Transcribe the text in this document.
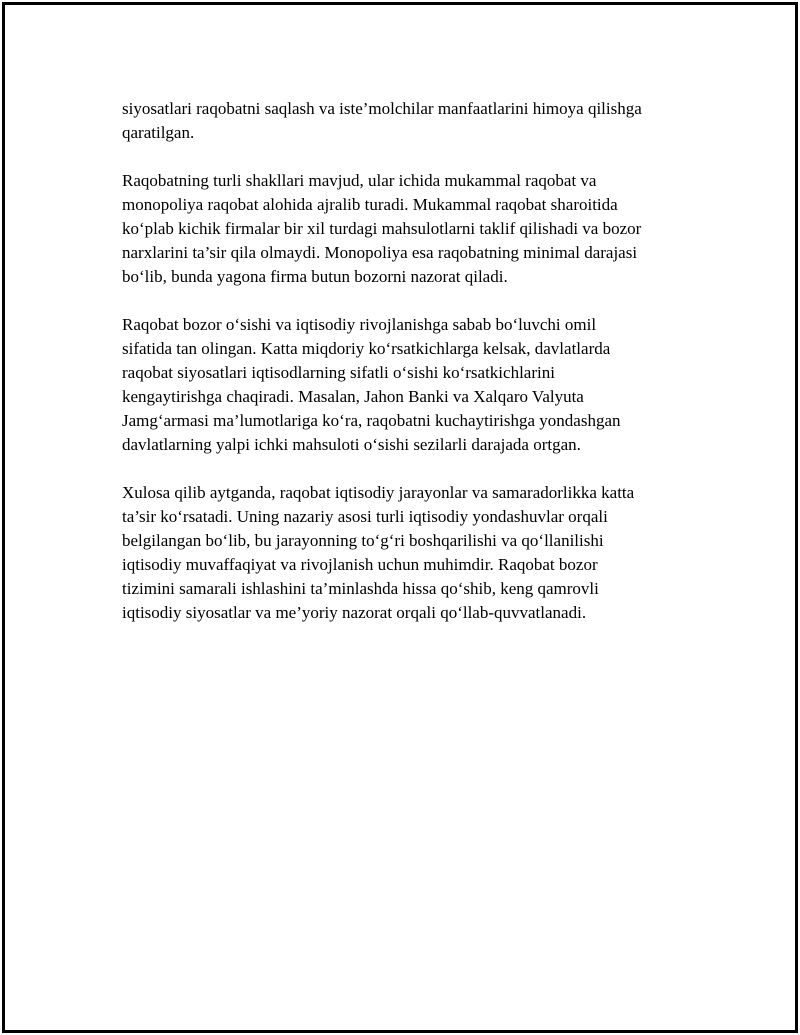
siyosatlari raqobatni saqlash va iste’molchilar manfaatlarini himoya qilishga
qaratilgan.

Raqobatning turli shakllari mavjud, ular ichida mukammal raqobat va
monopoliya raqobat alohida ajralib turadi. Mukammal raqobat sharoitida
ko‘plab kichik firmalar bir xil turdagi mahsulotlarni taklif qilishadi va bozor
narxlarini ta’sir qila olmaydi. Monopoliya esa raqobatning minimal darajasi
bo‘lib, bunda yagona firma butun bozorni nazorat qiladi.

Raqobat bozor o‘sishi va iqtisodiy rivojlanishga sabab bo‘luvchi omil
sifatida tan olingan. Katta miqdoriy ko‘rsatkichlarga kelsak, davlatlarda
raqobat siyosatlari iqtisodlarning sifatli o‘sishi ko‘rsatkichlarini
kengaytirishga chaqiradi. Masalan, Jahon Banki va Xalqaro Valyuta
Jamg‘armasi ma’lumotlariga ko‘ra, raqobatni kuchaytirishga yondashgan
davlatlarning yalpi ichki mahsuloti o‘sishi sezilarli darajada ortgan.

Xulosa qilib aytganda, raqobat iqtisodiy jarayonlar va samaradorlikka katta
ta’sir ko‘rsatadi. Uning nazariy asosi turli iqtisodiy yondashuvlar orqali
belgilangan bo‘lib, bu jarayonning to‘g‘ri boshqarilishi va qo‘llanilishi
iqtisodiy muvaffaqiyat va rivojlanish uchun muhimdir. Raqobat bozor
tizimini samarali ishlashini ta’minlashda hissa qo‘shib, keng qamrovli
iqtisodiy siyosatlar va me’yoriy nazorat orqali qo‘llab-quvvatlanadi.
